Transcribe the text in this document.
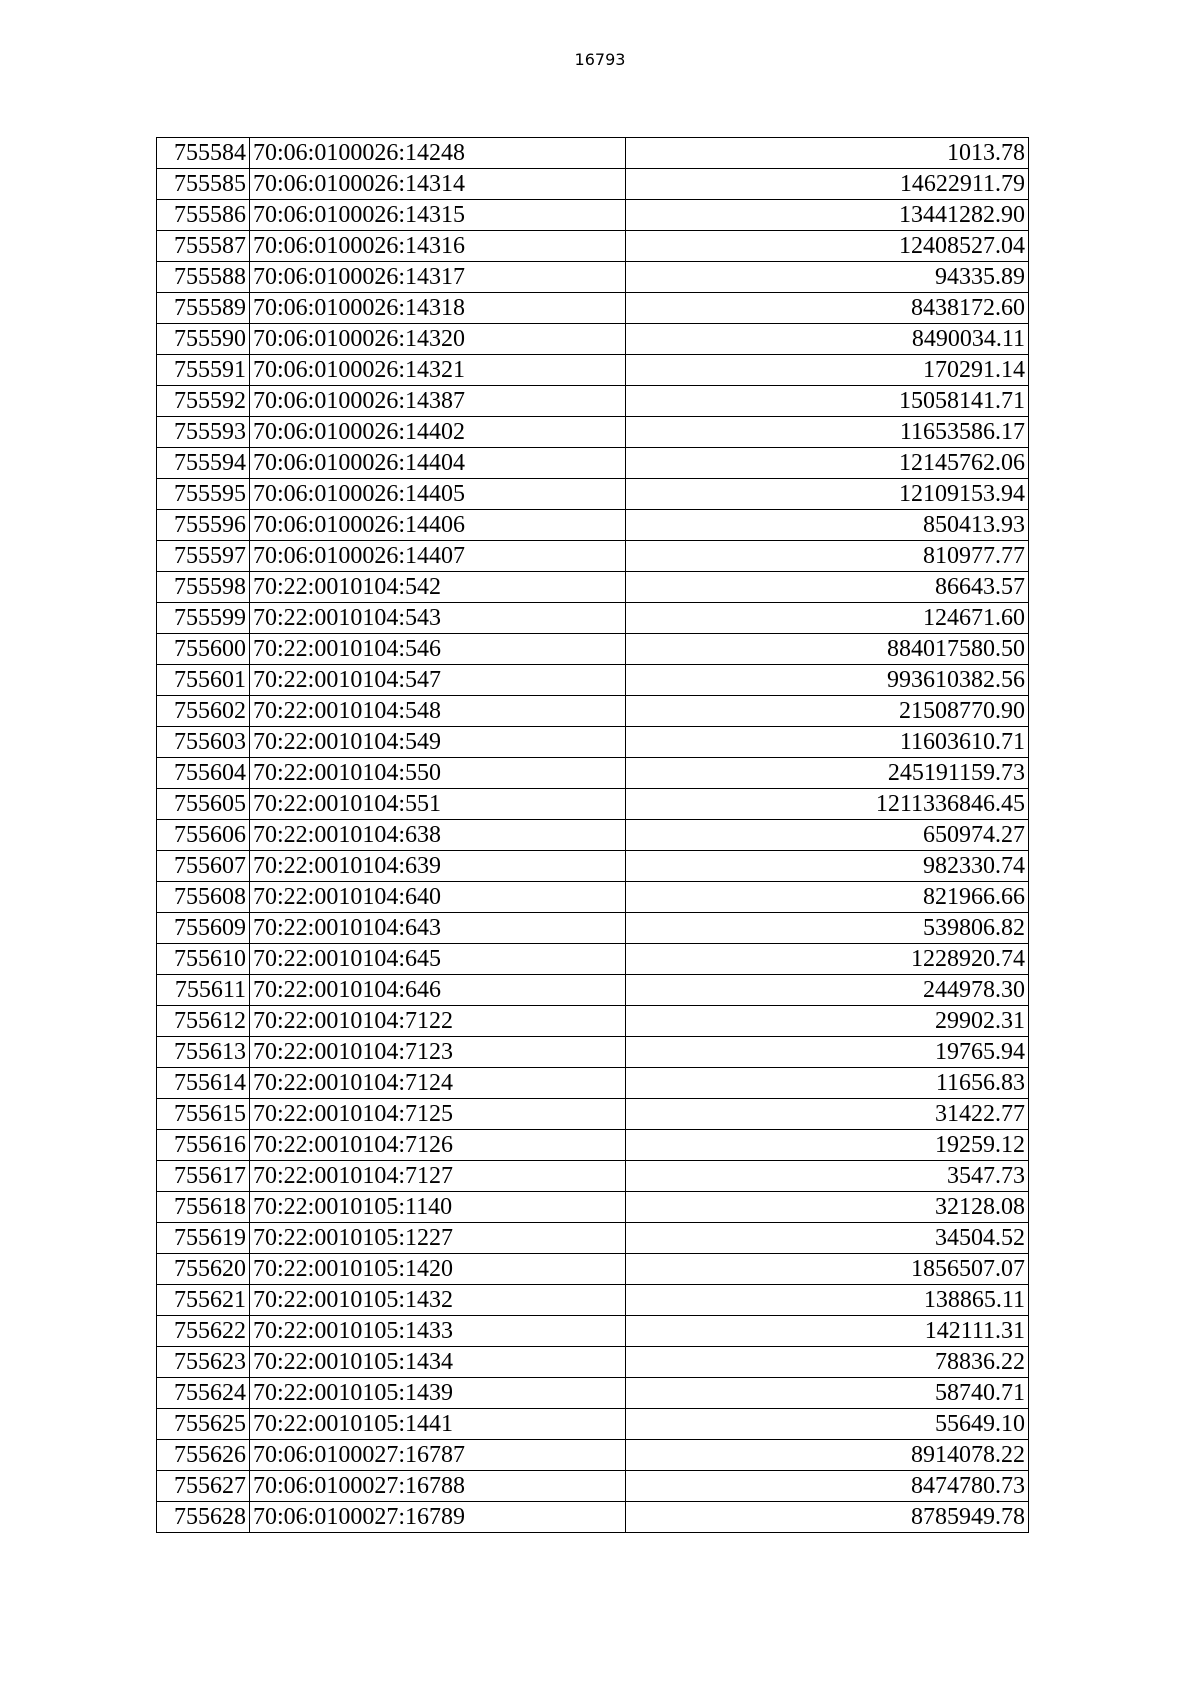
16793
755584	70:06:0100026:14248	1013.78
755585	70:06:0100026:14314	14622911.79
755586	70:06:0100026:14315	13441282.90
755587	70:06:0100026:14316	12408527.04
755588	70:06:0100026:14317	94335.89
755589	70:06:0100026:14318	8438172.60
755590	70:06:0100026:14320	8490034.11
755591	70:06:0100026:14321	170291.14
755592	70:06:0100026:14387	15058141.71
755593	70:06:0100026:14402	11653586.17
755594	70:06:0100026:14404	12145762.06
755595	70:06:0100026:14405	12109153.94
755596	70:06:0100026:14406	850413.93
755597	70:06:0100026:14407	810977.77
755598	70:22:0010104:542	86643.57
755599	70:22:0010104:543	124671.60
755600	70:22:0010104:546	884017580.50
755601	70:22:0010104:547	993610382.56
755602	70:22:0010104:548	21508770.90
755603	70:22:0010104:549	11603610.71
755604	70:22:0010104:550	245191159.73
755605	70:22:0010104:551	1211336846.45
755606	70:22:0010104:638	650974.27
755607	70:22:0010104:639	982330.74
755608	70:22:0010104:640	821966.66
755609	70:22:0010104:643	539806.82
755610	70:22:0010104:645	1228920.74
755611	70:22:0010104:646	244978.30
755612	70:22:0010104:7122	29902.31
755613	70:22:0010104:7123	19765.94
755614	70:22:0010104:7124	11656.83
755615	70:22:0010104:7125	31422.77
755616	70:22:0010104:7126	19259.12
755617	70:22:0010104:7127	3547.73
755618	70:22:0010105:1140	32128.08
755619	70:22:0010105:1227	34504.52
755620	70:22:0010105:1420	1856507.07
755621	70:22:0010105:1432	138865.11
755622	70:22:0010105:1433	142111.31
755623	70:22:0010105:1434	78836.22
755624	70:22:0010105:1439	58740.71
755625	70:22:0010105:1441	55649.10
755626	70:06:0100027:16787	8914078.22
755627	70:06:0100027:16788	8474780.73
755628	70:06:0100027:16789	8785949.78
